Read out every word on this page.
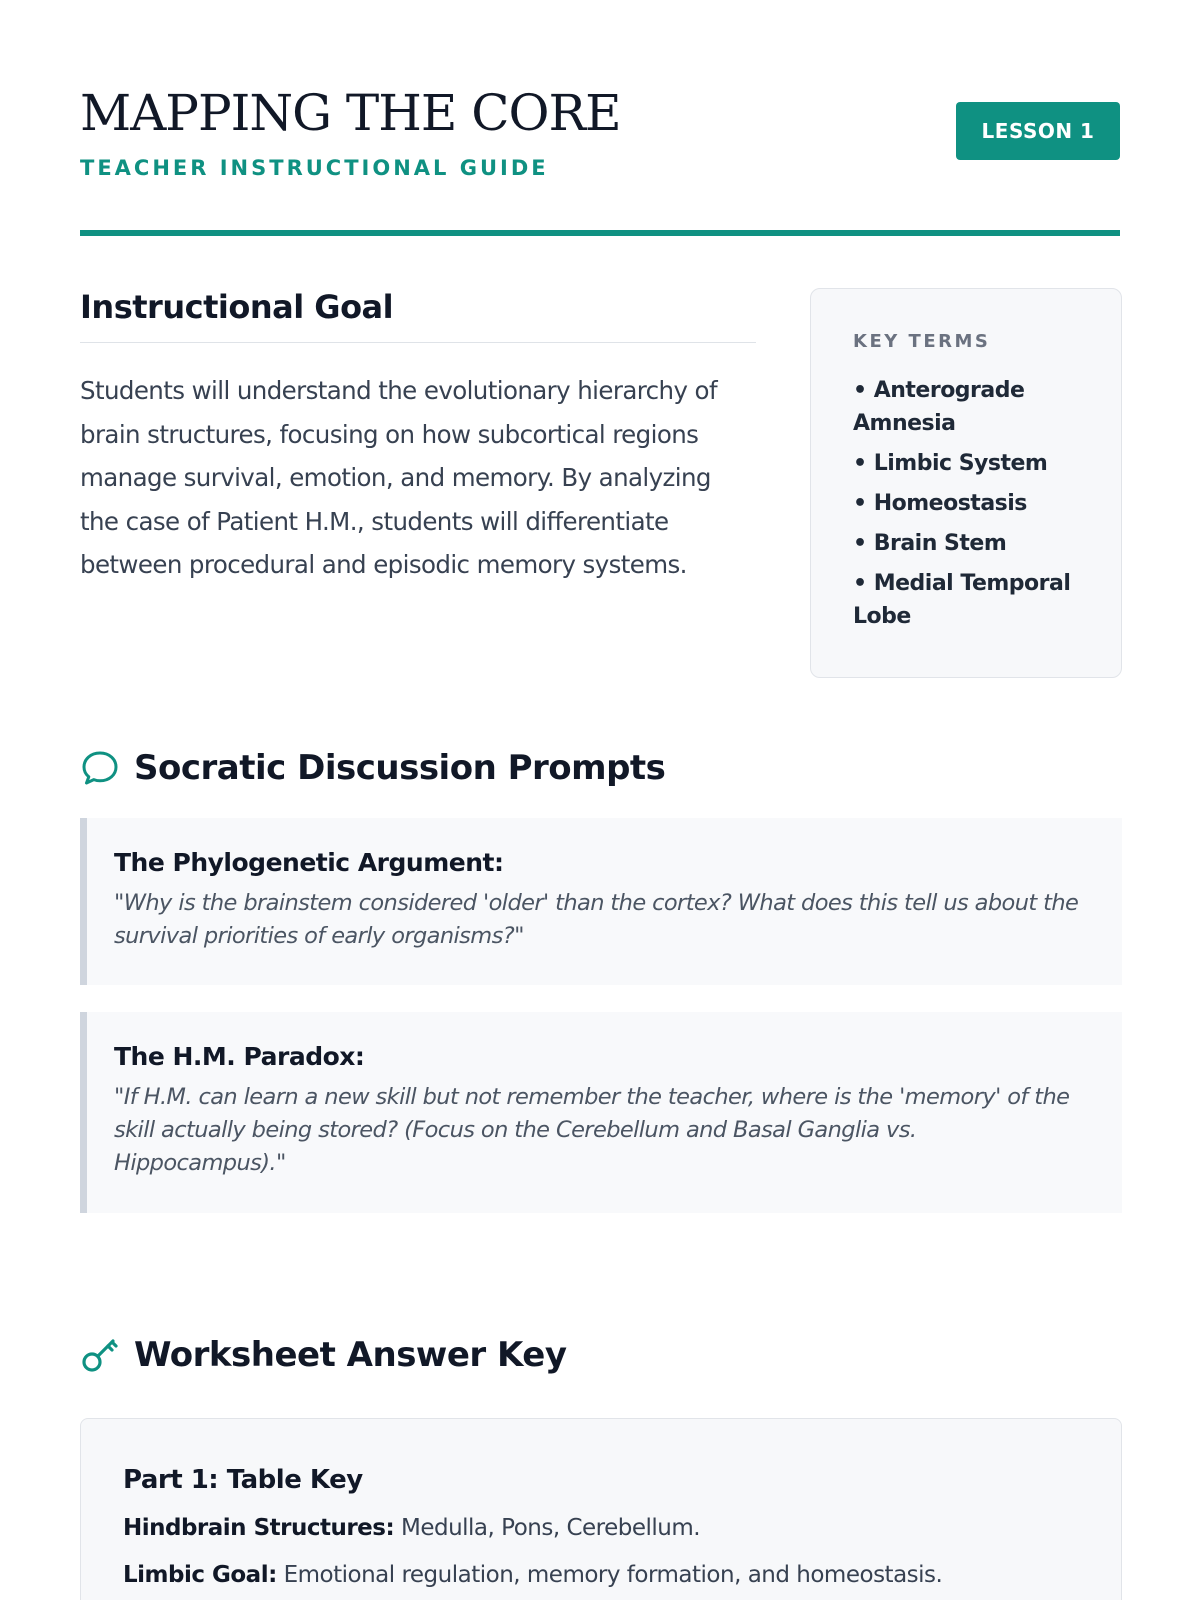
MAPPING THE CORE
TEACHER INSTRUCTIONAL GUIDE
LESSON 1
Instructional Goal

Students will understand the evolutionary hierarchy of brain structures, focusing on how subcortical regions manage survival, emotion, and memory. By analyzing the case of Patient H.M., students will differentiate between procedural and episodic memory systems.

KEY TERMS
• Anterograde Amnesia
• Limbic System
• Homeostasis
• Brain Stem
• Medial Temporal Lobe
Socratic Discussion Prompts
The Phylogenetic Argument:

"Why is the brainstem considered 'older' than the cortex? What does this tell us about the survival priorities of early organisms?"

The H.M. Paradox:

"If H.M. can learn a new skill but not remember the teacher, where is the 'memory' of the skill actually being stored? (Focus on the Cerebellum and Basal Ganglia vs. Hippocampus)."

Worksheet Answer Key
Part 1: Table Key

Hindbrain Structures: Medulla, Pons, Cerebellum.

Limbic Goal: Emotional regulation, memory formation, and homeostasis.
